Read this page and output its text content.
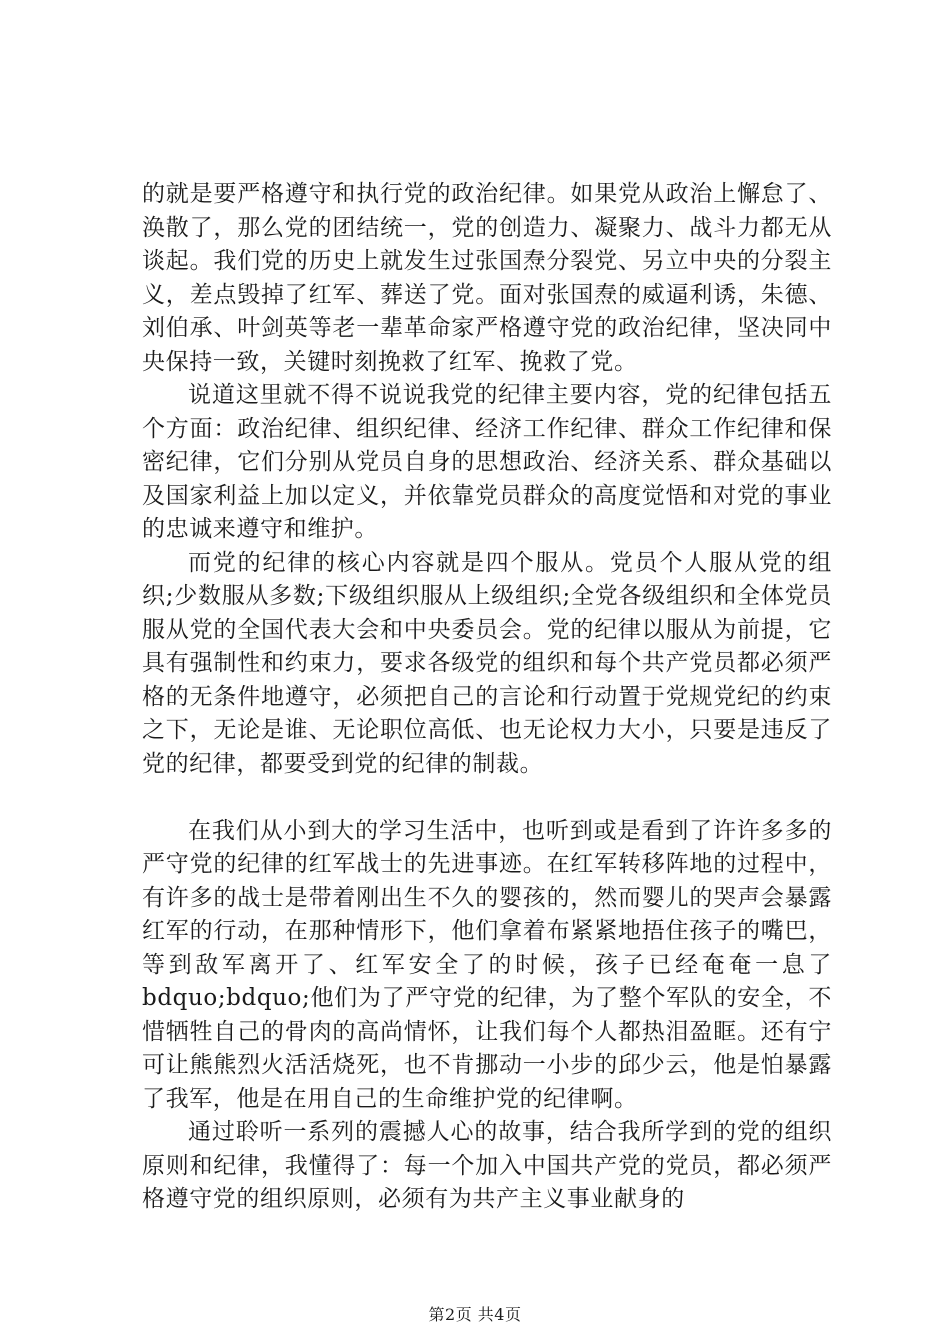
的就是要严格遵守和执行党的政治纪律。如果党从政治上懈怠了、涣散了，那么党的团结统一，党的创造力、凝聚力、战斗力都无从谈起。我们党的历史上就发生过张国焘分裂党、另立中央的分裂主义，差点毁掉了红军、葬送了党。面对张国焘的威逼利诱，朱德、刘伯承、叶剑英等老一辈革命家严格遵守党的政治纪律，坚决同中央保持一致，关键时刻挽救了红军、挽救了党。

说道这里就不得不说说我党的纪律主要内容，党的纪律包括五个方面：政治纪律、组织纪律、经济工作纪律、群众工作纪律和保密纪律，它们分别从党员自身的思想政治、经济关系、群众基础以及国家利益上加以定义，并依靠党员群众的高度觉悟和对党的事业的忠诚来遵守和维护。

而党的纪律的核心内容就是四个服从。党员个人服从党的组织;少数服从多数;下级组织服从上级组织;全党各级组织和全体党员服从党的全国代表大会和中央委员会。党的纪律以服从为前提，它具有强制性和约束力，要求各级党的组织和每个共产党员都必须严格的无条件地遵守，必须把自己的言论和行动置于党规党纪的约束之下，无论是谁、无论职位高低、也无论权力大小，只要是违反了党的纪律，都要受到党的纪律的制裁。

在我们从小到大的学习生活中，也听到或是看到了许许多多的严守党的纪律的红军战士的先进事迹。在红军转移阵地的过程中，有许多的战士是带着刚出生不久的婴孩的，然而婴儿的哭声会暴露红军的行动，在那种情形下，他们拿着布紧紧地捂住孩子的嘴巴，等到敌军离开了、红军安全了的时候，孩子已经奄奄一息了 bdquo;bdquo;他们为了严守党的纪律，为了整个军队的安全，不惜牺牲自己的骨肉的高尚情怀，让我们每个人都热泪盈眶。还有宁可让熊熊烈火活活烧死，也不肯挪动一小步的邱少云，他是怕暴露了我军，他是在用自己的生命维护党的纪律啊。

通过聆听一系列的震撼人心的故事，结合我所学到的党的组织原则和纪律，我懂得了：每一个加入中国共产党的党员，都必须严格遵守党的组织原则，必须有为共产主义事业献身的

第2页 共4页
